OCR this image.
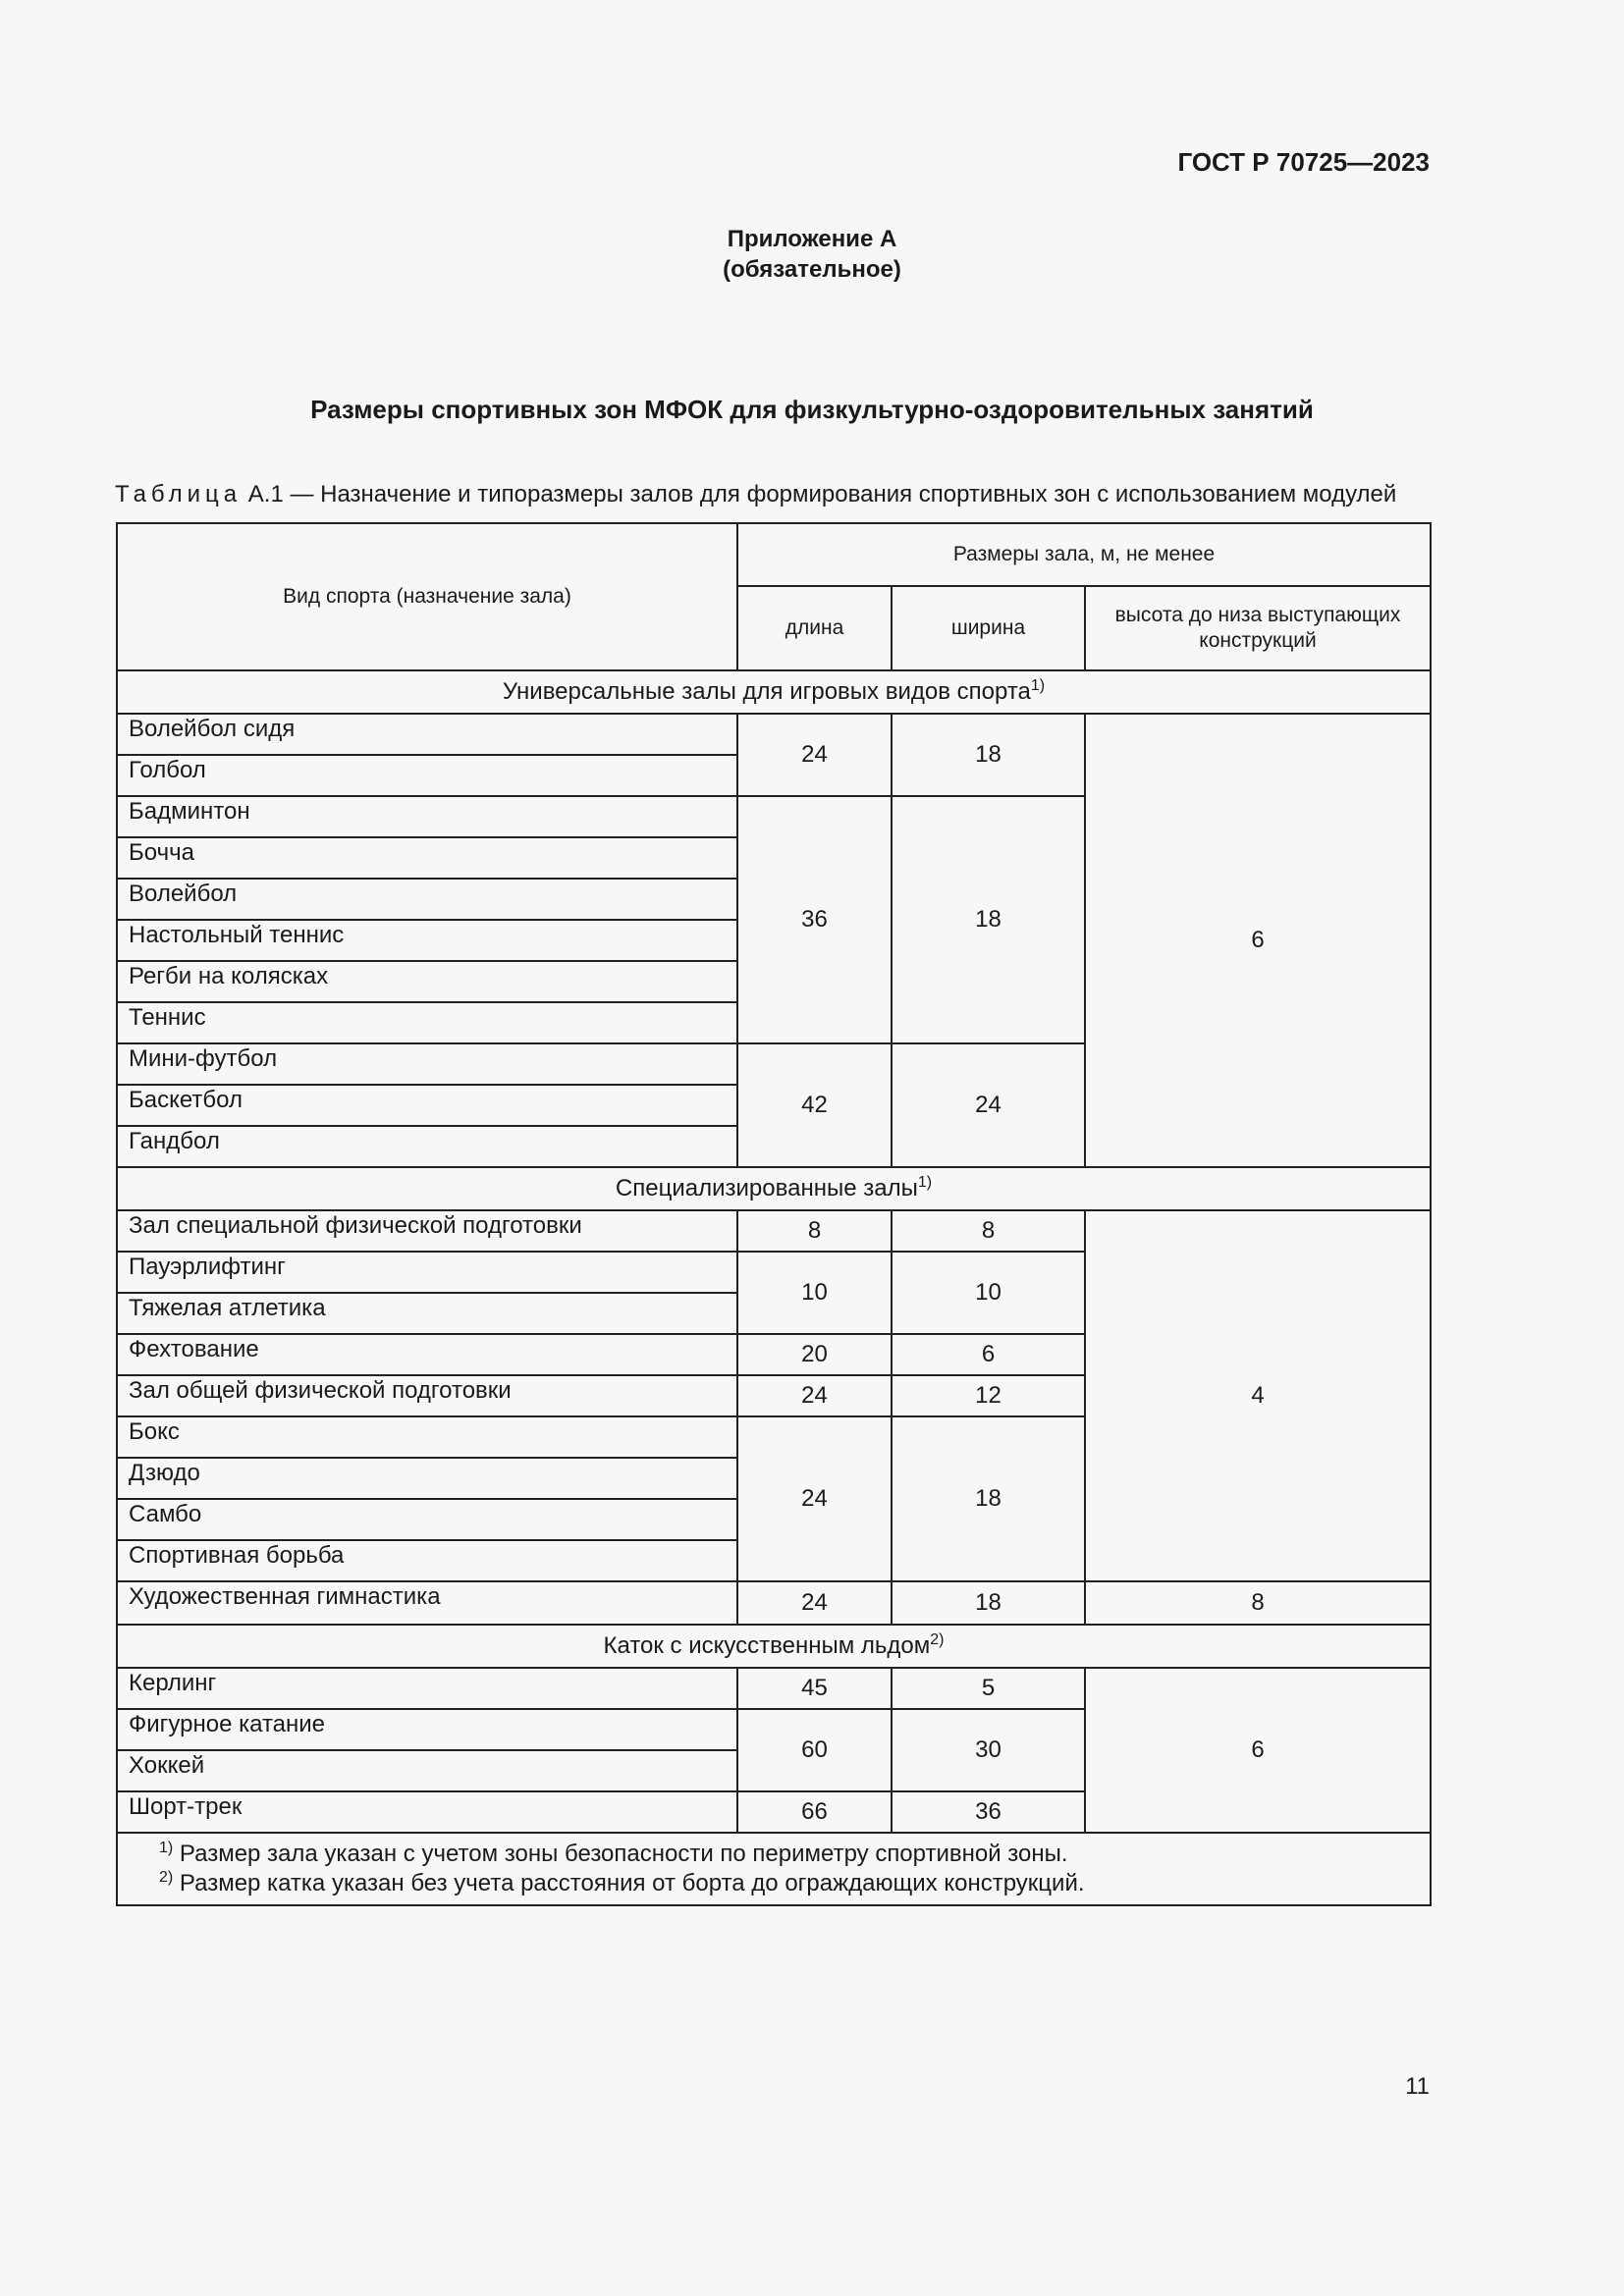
ГОСТ Р 70725—2023
Приложение А
(обязательное)
Размеры спортивных зон МФОК для физкультурно-оздоровительных занятий
Таблица А.1 — Назначение и типоразмеры залов для формирования спортивных зон с использованием модулей
Вид спорта (назначение зала)	Размеры зала, м, не менее		
	длина	ширина	высота до низа выступающих конструкций
Универсальные залы для игровых видов спорта$^{1)}$
Волейбол сидя	24	18	6
Голбол			
Бадминтон	36	18	
Бочча			
Волейбол			
Настольный теннис			
Регби на колясках			
Теннис			
Мини-футбол	42	24	
Баскетбол			
Гандбол			
Специализированные залы$^{1)}$
Зал специальной физической подготовки	8	8	4
Пауэрлифтинг	10	10	
Тяжелая атлетика			
Фехтование	20	6	
Зал общей физической подготовки	24	12	
Бокс	24	18	
Дзюдо			
Самбо			
Спортивная борьба			
Художественная гимнастика	24	18	8
Каток с искусственным льдом$^{2)}$
Керлинг	45	5	6
Фигурное катание	60	30	
Хоккей			
Шорт-трек	66	36	

$^{1)}$ Размер зала указан с учетом зоны безопасности по периметру спортивной зоны.
$^{2)}$ Размер катка указан без учета расстояния от борта до ограждающих конструкций.			
11
